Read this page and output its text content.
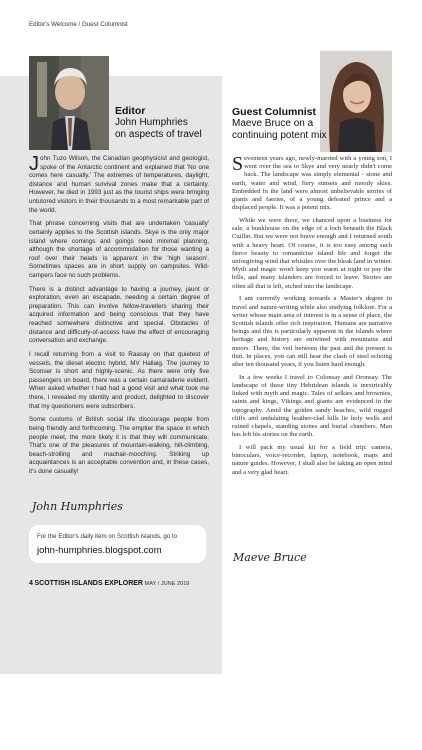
Editor's Welcome / Guest Columnist
Editor
John Humphries
on aspects of travel
Guest Columnist
Maeve Bruce on a
continuing potent mix

John Tuzo Wilson, the Canadian geophysicist and geologist, spoke of the Antarctic continent and explained that 'No one comes here casually.' The extremes of temperatures, daylight, distance and human survival zones make that a certainty. However, he died in 1993 just as the tourist ships were bringing untutored visitors in their thousands to a most remarkable part of the world.

That phrase concerning visits that are undertaken 'casually' certainly applies to the Scottish islands. Skye is the only major island where comings and goings need minimal planning, although the shortage of accommodation for those wanting a roof over their heads is apparent in the 'high season'. Sometimes spaces are in short supply on campsites. Wild-campers face no such problems.

There is a distinct advantage to having a journey, jaunt or exploration, even an escapade, needing a certain degree of preparation. This can involve fellow-travellers sharing their acquired information and being conscious that they have reached somewhere distinctive and special. Obstacles of distance and difficulty-of-access have the effect of encouraging conversation and exchange.

I recall returning from a visit to Raasay on that quietest of vessels, the diesel electric hybrid, MV Hallaig. The journey to Sconser is short and highly-scenic. As there were only five passengers on board, there was a certain camaraderie evident. When asked whether I had had a good visit and what took me there, I revealed my identity and product, delighted to discover that my questioners were subscribers.

Some customs of British social life discourage people from being friendly and forthcoming. The emptier the space in which people meet, the more likely it is that they will communicate. That's one of the pleasures of mountain-walking, hill-climbing, beach-strolling and machair-mooching. Striking up acquaintances is an acceptable convention and, in these cases, it's done casually!

Seventeen years ago, newly-married with a young son, I went over the sea to Skye and very nearly didn't come back. The landscape was simply elemental - stone and earth, water and wind, fiery sunsets and moody skies. Embedded in the land were almost unbelievable stories of giants and faeries, of a young defeated prince and a displaced people. It was a potent mix.

While we were there, we chanced upon a business for sale, a bunkhouse on the edge of a loch beneath the Black Cuillin. But we were not brave enough and I returned south with a heavy heart. Of course, it is too easy among such fierce beauty to romanticise island life and forget the unforgiving wind that whistles over the bleak land in winter. Myth and magic won't keep you warm at night or pay the bills, and many islanders are forced to leave. Stories are often all that is left, etched into the landscape.

I am currently working towards a Master's degree in travel and nature-writing while also studying folklore. For a writer whose main area of interest is in a sense of place, the Scottish islands offer rich inspiration. Humans are narrative beings and this is particularly apparent in the islands where heritage and history are entwined with mountains and moors. There, the veil between the past and the present is thin. In places, you can still hear the clash of steel echoing after ten thousand years, if you listen hard enough.

In a few weeks I travel to Colonsay and Oronsay. The landscape of these tiny Hebridean islands is inextricably linked with myth and magic. Tales of selkies and brownies, saints and kings, Vikings and giants are evidenced in the topography. Amid the golden sandy beaches, wild rugged cliffs and undulating heather-clad hills lie holy wells and ruined chapels, standing stones and burial chambers. Man has left his stories on the earth.

I will pack my usual kit for a field trip: camera, binoculars, voice-recorder, laptop, notebook, maps and nature guides. However, I shall also be taking an open mind and a very glad heart.

John Humphries
For the Editor's daily item on Scottish islands, go to
john-humphries.blogspot.com
Maeve Bruce
4 SCOTTISH ISLANDS EXPLORER MAY / JUNE 2019
